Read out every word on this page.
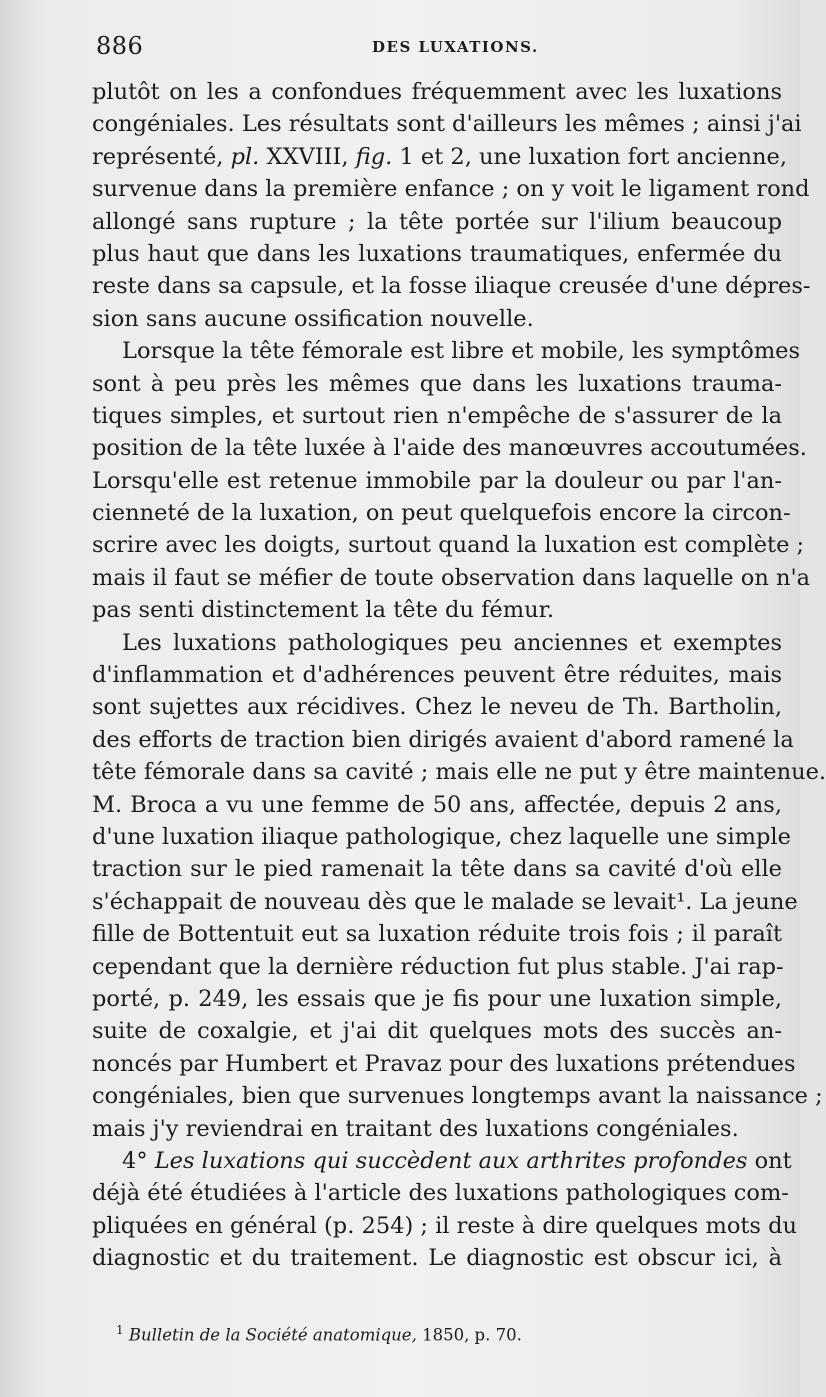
886	DES LUXATIONS.
plutôt on les a confondues fréquemment avec les luxations
congéniales. Les résultats sont d'ailleurs les mêmes ; ainsi j'ai
représenté, pl. XXVIII, fig. 1 et 2, une luxation fort ancienne,
survenue dans la première enfance ; on y voit le ligament rond
allongé sans rupture ; la tête portée sur l'ilium beaucoup
plus haut que dans les luxations traumatiques, enfermée du
reste dans sa capsule, et la fosse iliaque creusée d'une dépres-
sion sans aucune ossification nouvelle.
Lorsque la tête fémorale est libre et mobile, les symptômes
sont à peu près les mêmes que dans les luxations trauma-
tiques simples, et surtout rien n'empêche de s'assurer de la
position de la tête luxée à l'aide des manœuvres accoutumées.
Lorsqu'elle est retenue immobile par la douleur ou par l'an-
cienneté de la luxation, on peut quelquefois encore la circon-
scrire avec les doigts, surtout quand la luxation est complète ;
mais il faut se méfier de toute observation dans laquelle on n'a
pas senti distinctement la tête du fémur.
Les luxations pathologiques peu anciennes et exemptes
d'inflammation et d'adhérences peuvent être réduites, mais
sont sujettes aux récidives. Chez le neveu de Th. Bartholin,
des efforts de traction bien dirigés avaient d'abord ramené la
tête fémorale dans sa cavité ; mais elle ne put y être maintenue.
M. Broca a vu une femme de 50 ans, affectée, depuis 2 ans,
d'une luxation iliaque pathologique, chez laquelle une simple
traction sur le pied ramenait la tête dans sa cavité d'où elle
s'échappait de nouveau dès que le malade se levait¹. La jeune
fille de Bottentuit eut sa luxation réduite trois fois ; il paraît
cependant que la dernière réduction fut plus stable. J'ai rap-
porté, p. 249, les essais que je fis pour une luxation simple,
suite de coxalgie, et j'ai dit quelques mots des succès an-
noncés par Humbert et Pravaz pour des luxations prétendues
congéniales, bien que survenues longtemps avant la naissance ;
mais j'y reviendrai en traitant des luxations congéniales.
4° Les luxations qui succèdent aux arthrites profondes ont
déjà été étudiées à l'article des luxations pathologiques com-
pliquées en général (p. 254) ; il reste à dire quelques mots du
diagnostic et du traitement. Le diagnostic est obscur ici, à
$^1$ Bulletin de la Société anatomique, 1850, p. 70.
